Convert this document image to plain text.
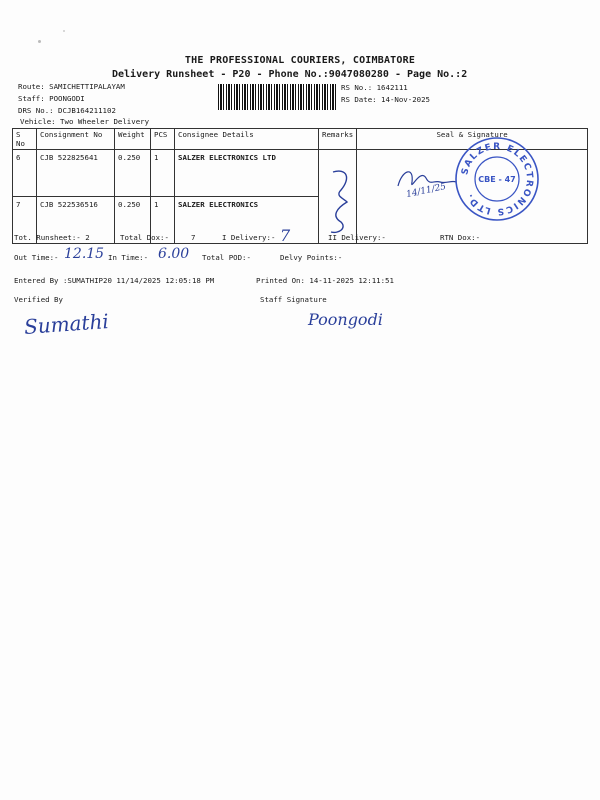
THE PROFESSIONAL COURIERS, COIMBATORE
Delivery Runsheet - P20 - Phone No.:9047080280 - Page No.:2
Route: SAMICHETTIPALAYAM
Staff: POONGODI
DRS No.: DCJB164211102
Vehicle: Two Wheeler Delivery
RS No.: 1642111
RS Date: 14-Nov-2025
S No	Consignment No	Weight	PCS	Consignee Details	Remarks	Seal & Signature
6	CJB 522825641	0.250	1	SALZER ELECTRONICS LTD	

7	CJB 522536516	0.250	1	SALZER ELECTRONICS		
14/11/25
SALZER ELECTRONICS LTD.
CBE - 47
Tot. Runsheet:- 2	Total Dox:-	7	I Delivery:- 7	II Delivery:-	RTN Dox:-
Out Time:- 12.15 In Time:- 6.00 Total POD:-	Delvy Points:-
Entered By :SUMATHIP20 11/14/2025 12:05:18 PM	Printed On: 14-11-2025 12:11:51
Verified By	Staff Signature
Sumathi	Poongodi
